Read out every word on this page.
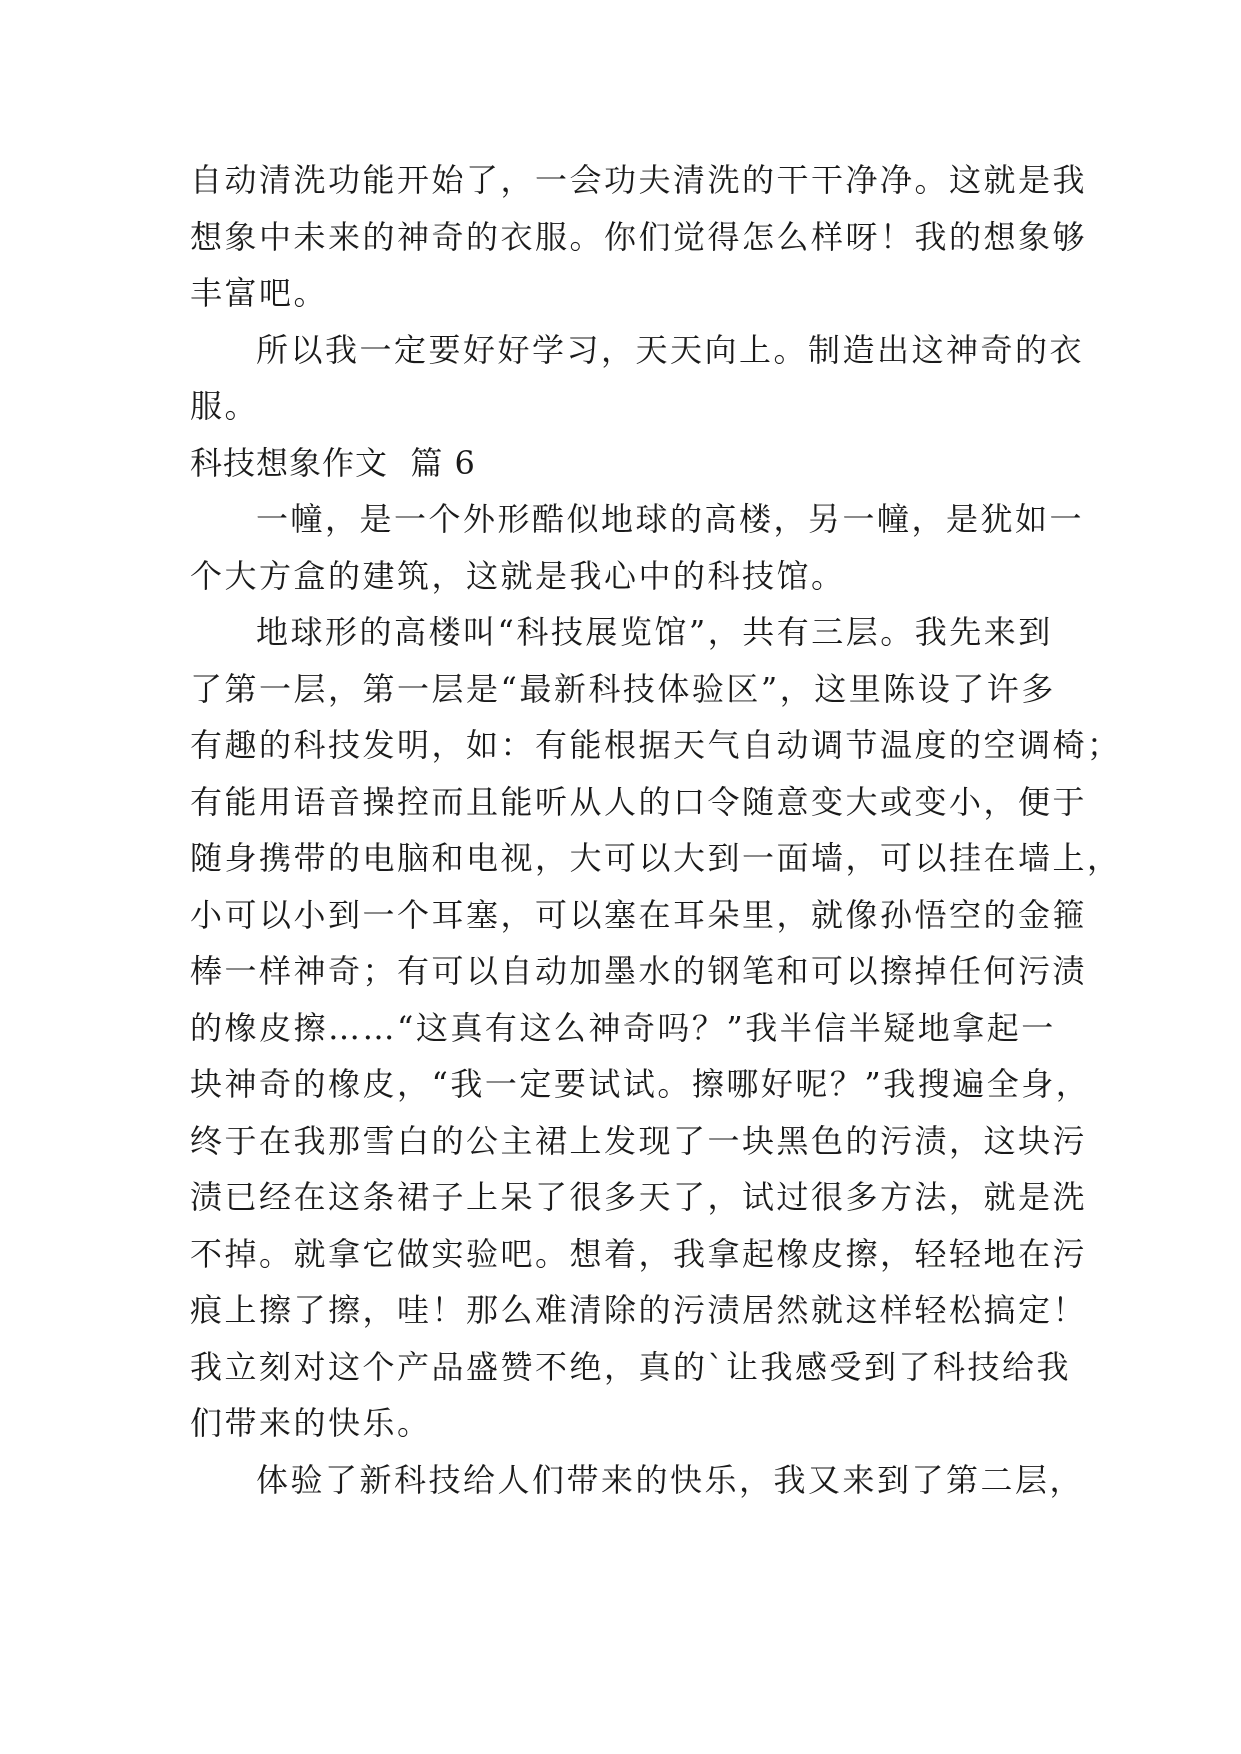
自动清洗功能开始了，一会功夫清洗的干干净净。这就是我
想象中未来的神奇的衣服。你们觉得怎么样呀！我的想象够
丰富吧。
所以我一定要好好学习，天天向上。制造出这神奇的衣
服。
科技想象作文  篇 6
一幢，是一个外形酷似地球的高楼，另一幢，是犹如一
个大方盒的建筑，这就是我心中的科技馆。
地球形的高楼叫“科技展览馆”，共有三层。我先来到
了第一层，第一层是“最新科技体验区”，这里陈设了许多
有趣的科技发明，如：有能根据天气自动调节温度的空调椅；
有能用语音操控而且能听从人的口令随意变大或变小，便于
随身携带的电脑和电视，大可以大到一面墙，可以挂在墙上，
小可以小到一个耳塞，可以塞在耳朵里，就像孙悟空的金箍
棒一样神奇；有可以自动加墨水的钢笔和可以擦掉任何污渍
的橡皮擦……“这真有这么神奇吗？”我半信半疑地拿起一
块神奇的橡皮，“我一定要试试。擦哪好呢？”我搜遍全身，
终于在我那雪白的公主裙上发现了一块黑色的污渍，这块污
渍已经在这条裙子上呆了很多天了，试过很多方法，就是洗
不掉。就拿它做实验吧。想着，我拿起橡皮擦，轻轻地在污
痕上擦了擦，哇！那么难清除的污渍居然就这样轻松搞定！
我立刻对这个产品盛赞不绝，真的`让我感受到了科技给我
们带来的快乐。
体验了新科技给人们带来的快乐，我又来到了第二层，
